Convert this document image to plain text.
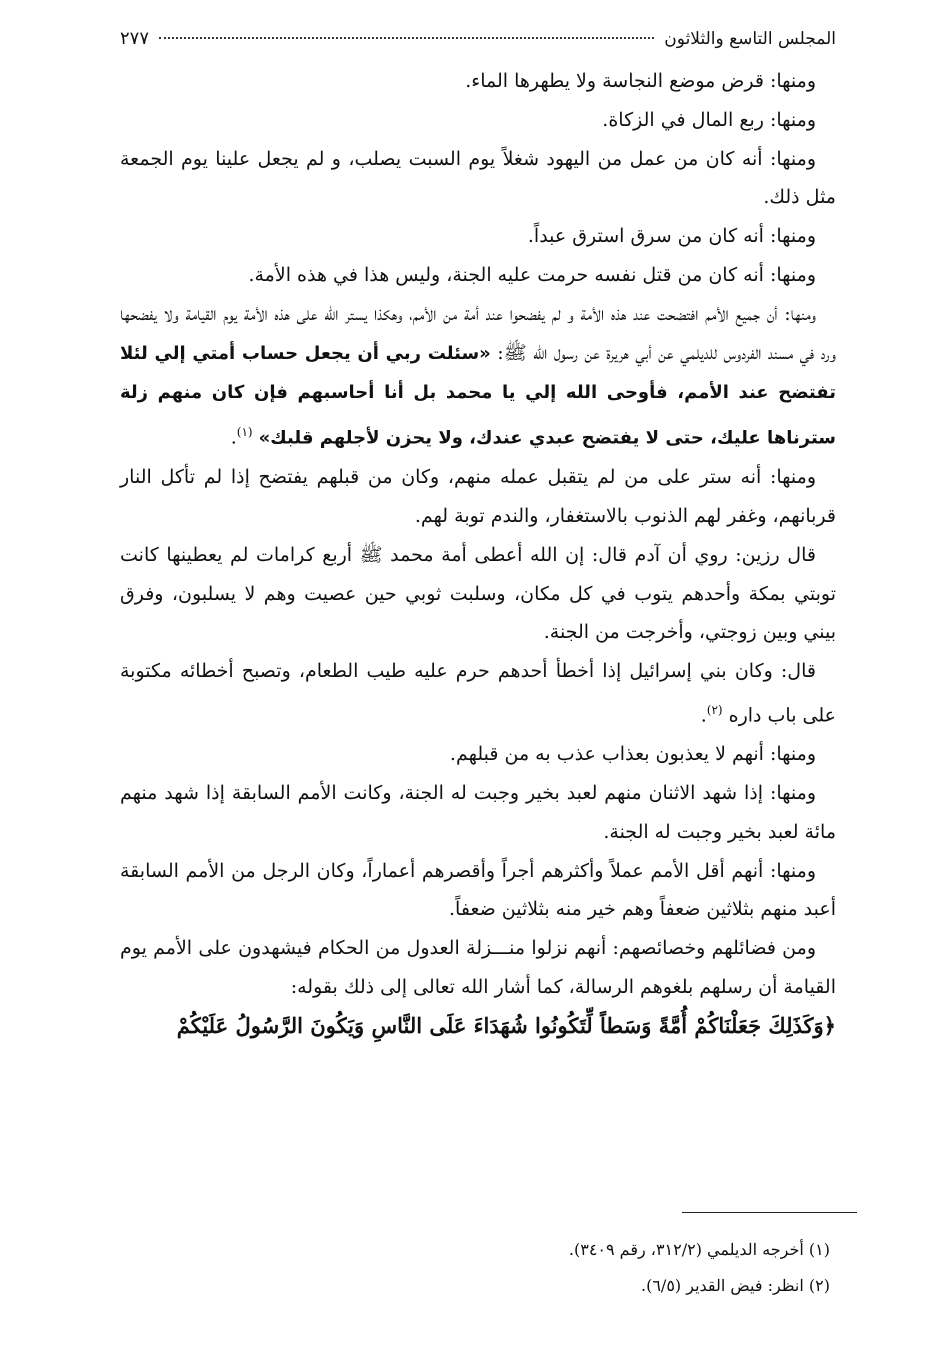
المجلس التاسع والثلاثون
٢٧٧

ومنها: قرض موضع النجاسة ولا يطهرها الماء.

ومنها: ربع المال في الزكاة.

ومنها: أنه كان من عمل من اليهود شغلاً يوم السبت يصلب، و لم يجعل علينا يوم الجمعة مثل ذلك.

ومنها: أنه كان من سرق استرق عبداً.

ومنها: أنه كان من قتل نفسه حرمت عليه الجنة، وليس هذا في هذه الأمة.

ومنها: أن جميع الأمم افتضحت عند هذه الأمة و لم يفضحوا عند أمة من الأمم، وهكذا يستر الله على هذه الأمة يوم القيامة ولا يفضحها ورد في مسند الفردوس للديلمي عن أبي هريرة عن رسول الله ﷺ: «سئلت ربي أن يجعل حساب أمتي إلي لئلا تفتضح عند الأمم، فأوحى الله إلي يا محمد بل أنا أحاسبهم فإن كان منهم زلة سترناها عليك، حتى لا يفتضح عبدي عندك، ولا يحزن لأجلهم قلبك» $^{(١)}$.

ومنها: أنه ستر على من لم يتقبل عمله منهم، وكان من قبلهم يفتضح إذا لم تأكل النار قربانهم، وغفر لهم الذنوب بالاستغفار، والندم توبة لهم.

قال رزين: روي أن آدم قال: إن الله أعطى أمة محمد ﷺ أربع كرامات لم يعطينها كانت توبتي بمكة وأحدهم يتوب في كل مكان، وسلبت ثوبي حين عصيت وهم لا يسلبون، وفرق بيني وبين زوجتي، وأخرجت من الجنة.

قال: وكان بني إسرائيل إذا أخطأ أحدهم حرم عليه طيب الطعام، وتصبح أخطائه مكتوبة على باب داره $^{(٢)}$.

ومنها: أنهم لا يعذبون بعذاب عذب به من قبلهم.

ومنها: إذا شهد الاثنان منهم لعبد بخير وجبت له الجنة، وكانت الأمم السابقة إذا شهد منهم مائة لعبد بخير وجبت له الجنة.

ومنها: أنهم أقل الأمم عملاً وأكثرهم أجراً وأقصرهم أعماراً، وكان الرجل من الأمم السابقة أعبد منهم بثلاثين ضعفاً وهم خير منه بثلاثين ضعفاً.

ومن فضائلهم وخصائصهم: أنهم نزلوا منـــزلة العدول من الحكام فيشهدون على الأمم يوم القيامة أن رسلهم بلغوهم الرسالة، كما أشار الله تعالى إلى ذلك بقوله:

﴿وَكَذَلِكَ جَعَلْنَاكُمْ أُمَّةً وَسَطاً لِّتَكُونُوا شُهَدَاءَ عَلَى النَّاسِ وَيَكُونَ الرَّسُولُ عَلَيْكُمْ

(١) أخرجه الديلمي (٣١٢/٢، رقم ٣٤٠٩).

(٢) انظر: فيض القدير (٦/٥).
